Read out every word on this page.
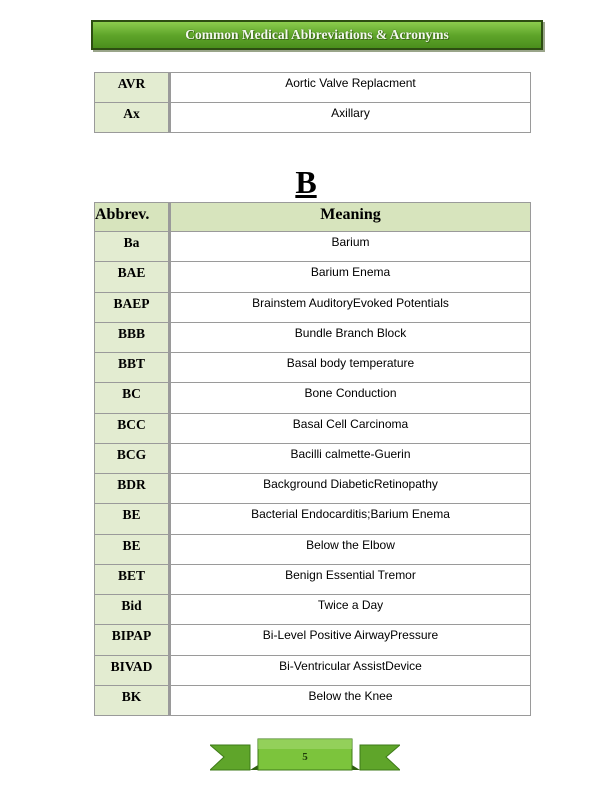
Common Medical Abbreviations & Acronyms
AVR	Aortic Valve Replacment

Ax	Axillary
B
Abbrev.	Meaning

Ba	Barium

BAE	Barium Enema

BAEP	Brainstem AuditoryEvoked Potentials

BBB	Bundle Branch Block

BBT	Basal body temperature

BC	Bone Conduction

BCC	Basal Cell Carcinoma

BCG	Bacilli calmette-Guerin

BDR	Background DiabeticRetinopathy

BE	Bacterial Endocarditis;Barium Enema

BE	Below the Elbow

BET	Benign Essential Tremor

Bid	Twice a Day

BIPAP	Bi-Level Positive AirwayPressure

BIVAD	Bi-Ventricular AssistDevice

BK	Below the Knee
5
